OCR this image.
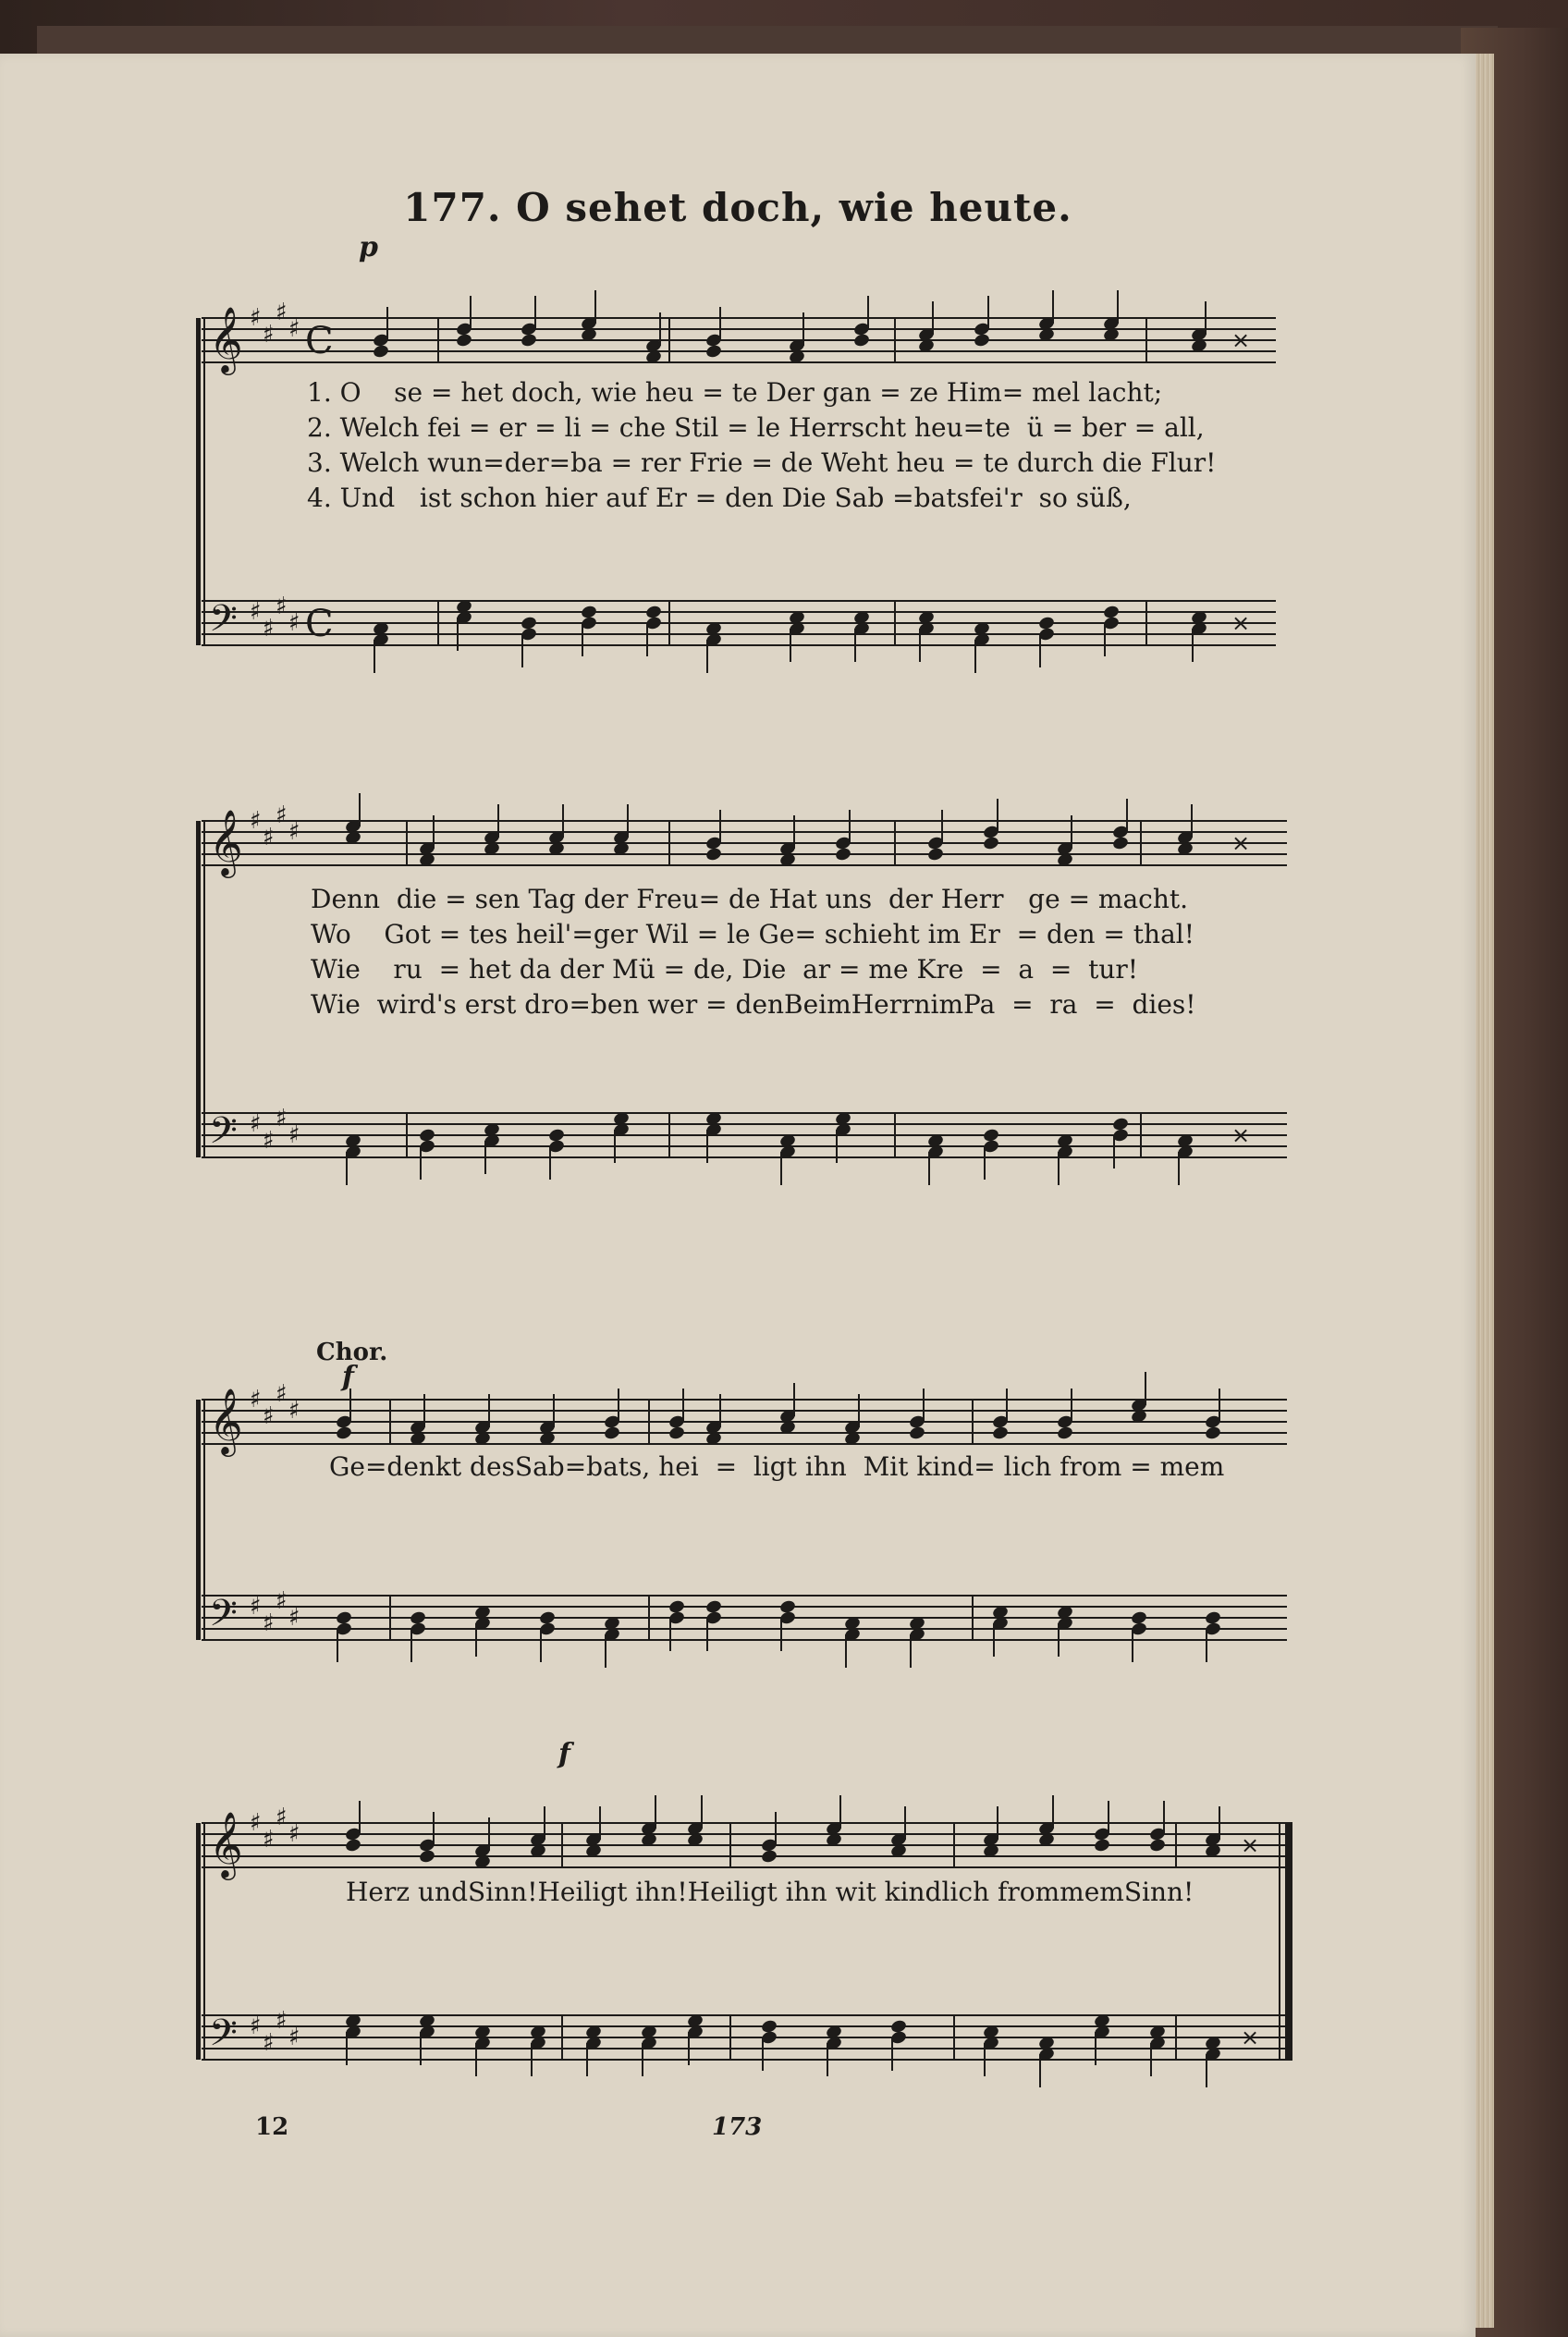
177. O sehet doch, wie heute.
𝄞
𝄢
♯
♯
♯
♯
♯
♯
♯
♯
C
C
×
×
p
1. O    se = het doch, wie heu = te Der gan = ze Him= mel lacht;
2. Welch fei = er = li = che Stil = le Herrscht heu=te  ü = ber = all,
3. Welch wun=der=ba = rer Frie = de Weht heu = te durch die Flur!
4. Und   ist schon hier auf Er = den Die Sab =batsfei'r  so süß,
𝄞
𝄢
♯
♯
♯
♯
♯
♯
♯
♯
×
×
Denn  die = sen Tag der Freu= de Hat uns  der Herr   ge = macht.
Wo    Got = tes heil'=ger Wil = le Ge= schieht im Er  = den = thal!
Wie    ru  = het da der Mü = de, Die  ar = me Kre  =  a  =  tur!
Wie  wird's erst dro=ben wer = denBeimHerrnimPa  =  ra  =  dies!
Chor.
f
𝄞
𝄢
♯
♯
♯
♯
♯
♯
♯
♯
Ge=denkt desSab=bats, hei  =  ligt ihn  Mit kind= lich from = mem
f
𝄞
𝄢
♯
♯
♯
♯
♯
♯
♯
♯
×
×
Herz undSinn!Heiligt ihn!Heiligt ihn wit kindlich frommemSinn!
12	173
